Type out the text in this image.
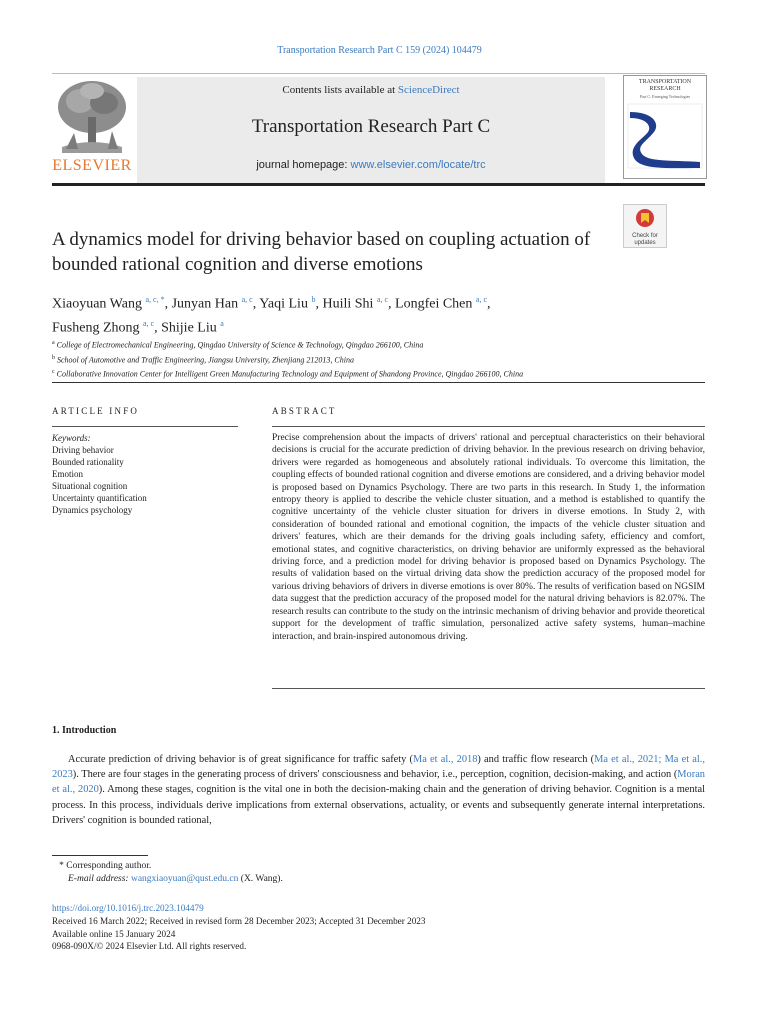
Transportation Research Part C 159 (2024) 104479
ELSEVIER
Contents lists available at ScienceDirect
Transportation Research Part C
journal homepage: www.elsevier.com/locate/trc
TRANSPORTATION
RESEARCH
Part C: Emerging Technologies
Check for
updates
A dynamics model for driving behavior based on coupling actuation of bounded rational cognition and diverse emotions
Xiaoyuan Wang $^{a, c, *}$, Junyan Han $^{a, c}$, Yaqi Liu $^b$, Huili Shi $^{a, c}$, Longfei Chen $^{a, c}$,
Fusheng Zhong $^{a, c}$, Shijie Liu $^a$
$^a$ College of Electromechanical Engineering, Qingdao University of Science & Technology, Qingdao 266100, China
$^b$ School of Automotive and Traffic Engineering, Jiangsu University, Zhenjiang 212013, China
$^c$ Collaborative Innovation Center for Intelligent Green Manufacturing Technology and Equipment of Shandong Province, Qingdao 266100, China
ARTICLE INFO	ABSTRACT
Keywords:
Driving behavior
Bounded rationality
Emotion
Situational cognition
Uncertainty quantification
Dynamics psychology
Precise comprehension about the impacts of drivers' rational and perceptual characteristics on their behavioral decisions is crucial for the accurate prediction of driving behavior. In the previous research on driving behavior, drivers were regarded as homogeneous and absolutely rational individuals. To overcome this limitation, the coupling effects of bounded rational cognition and diverse emotions are considered, and a driving behavior model is proposed based on Dynamics Psychology. There are two parts in this research. In Study 1, the information entropy theory is applied to describe the vehicle cluster situation, and a method is established to quantify the cognitive uncertainty of the vehicle cluster situation for drivers in diverse emotions. In Study 2, with consideration of bounded rational and emotional cognition, the impacts of the vehicle cluster situation and drivers' features, which are their demands for the driving goals including safety, efficiency and comfort, emotional states, and cognitive characteristics, on driving behavior are uniformly expressed as the behavioral driving force, and a prediction model for driving behavior is proposed based on Dynamics Psychology. The results of validation based on the virtual driving data show the prediction accuracy of the proposed model for various driving behaviors of drivers in diverse emotions is over 80%. The results of verification based on NGSIM data suggest that the prediction accuracy of the proposed model for the natural driving behaviors is 82.07%. The research results can contribute to the study on the intrinsic mechanism of driving behavior and provide theoretical support for the development of traffic simulation, personalized active safety systems, human–machine interaction, and brain-inspired autonomous driving.
1. Introduction
Accurate prediction of driving behavior is of great significance for traffic safety (Ma et al., 2018) and traffic flow research (Ma et al., 2021; Ma et al., 2023). There are four stages in the generating process of drivers' consciousness and behavior, i.e., perception, cognition, decision-making, and action (Moran et al., 2020). Among these stages, cognition is the vital one in both the decision-making chain and the generation of driving behavior. Cognition is a mental process. In this process, individuals derive implications from external observations, actuality, or events and subsequently generate internal interpretations. Drivers' cognition is bounded rational,
* Corresponding author.
E-mail address: wangxiaoyuan@qust.edu.cn (X. Wang).
https://doi.org/10.1016/j.trc.2023.104479
Received 16 March 2022; Received in revised form 28 December 2023; Accepted 31 December 2023
Available online 15 January 2024
0968-090X/© 2024 Elsevier Ltd. All rights reserved.
